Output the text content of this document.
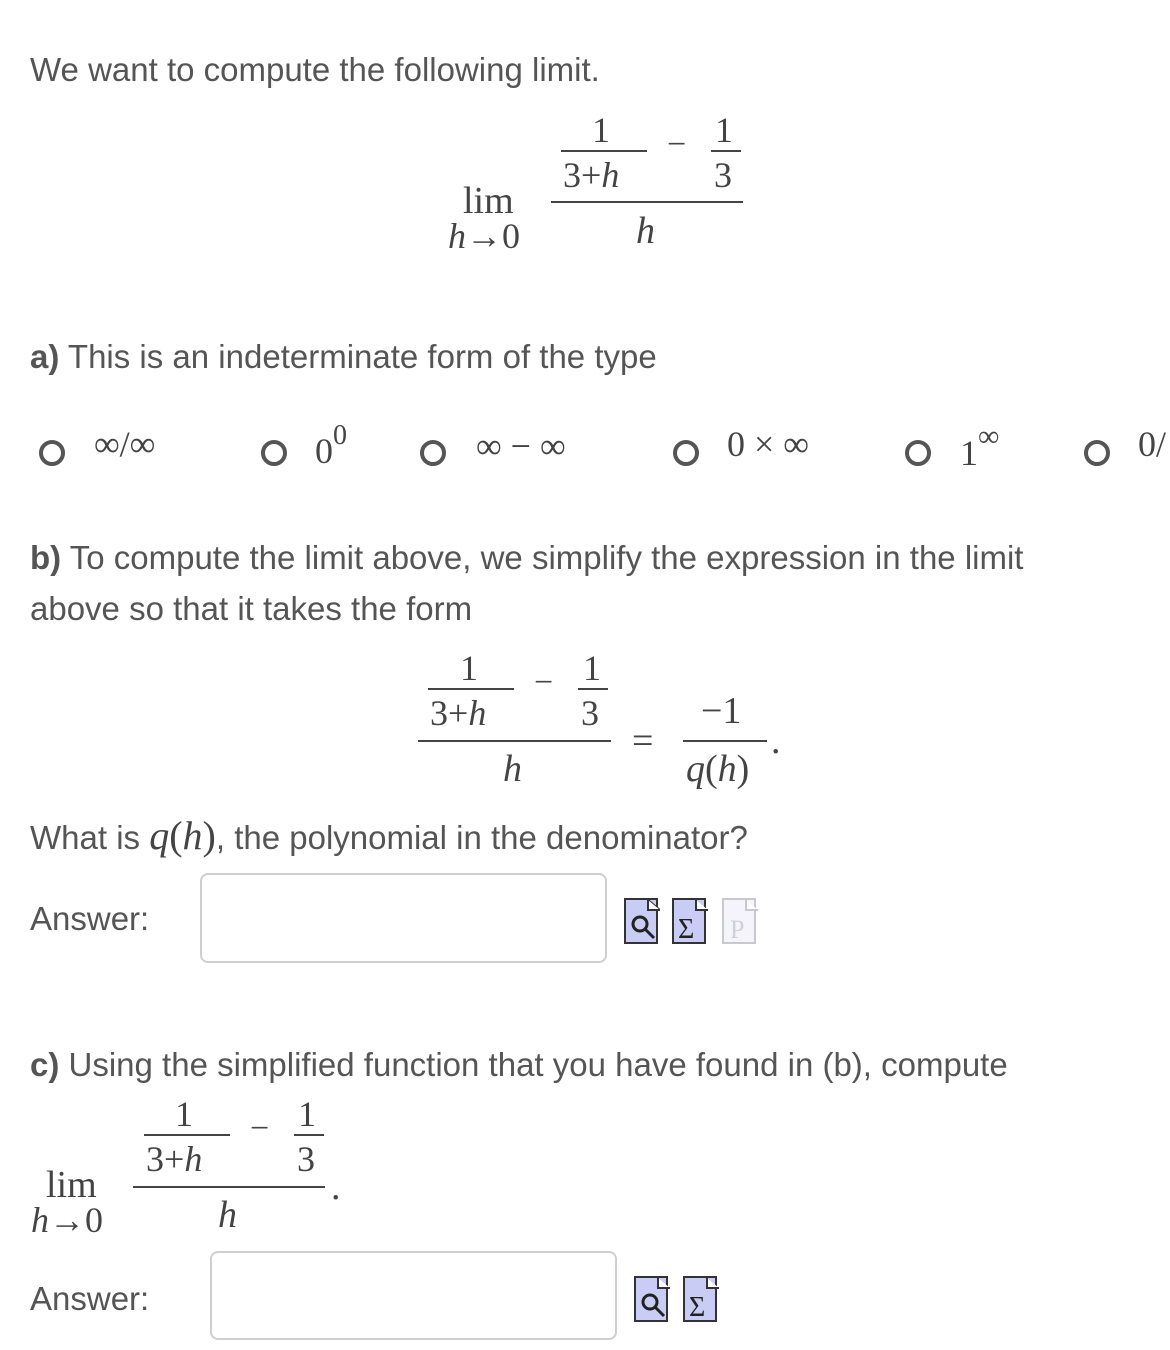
We want to compute the following limit.
lim
h→0
1
3+h
− 1
3
h
a) This is an indeterminate form of the type
∞/∞	$0^0$	∞ − ∞	0 × ∞	1∞	0/
b) To compute the limit above, we simplify the expression in the limit
above so that it takes the form
1
3+h
− 1
3
h
=
−1
q(h)
.
What is q(h), the polynomial in the denominator?
Answer:	Σ P
c) Using the simplified function that you have found in (b), compute
lim
h→0
1
3+h
− 1
3
h
.
Answer:	Σ
